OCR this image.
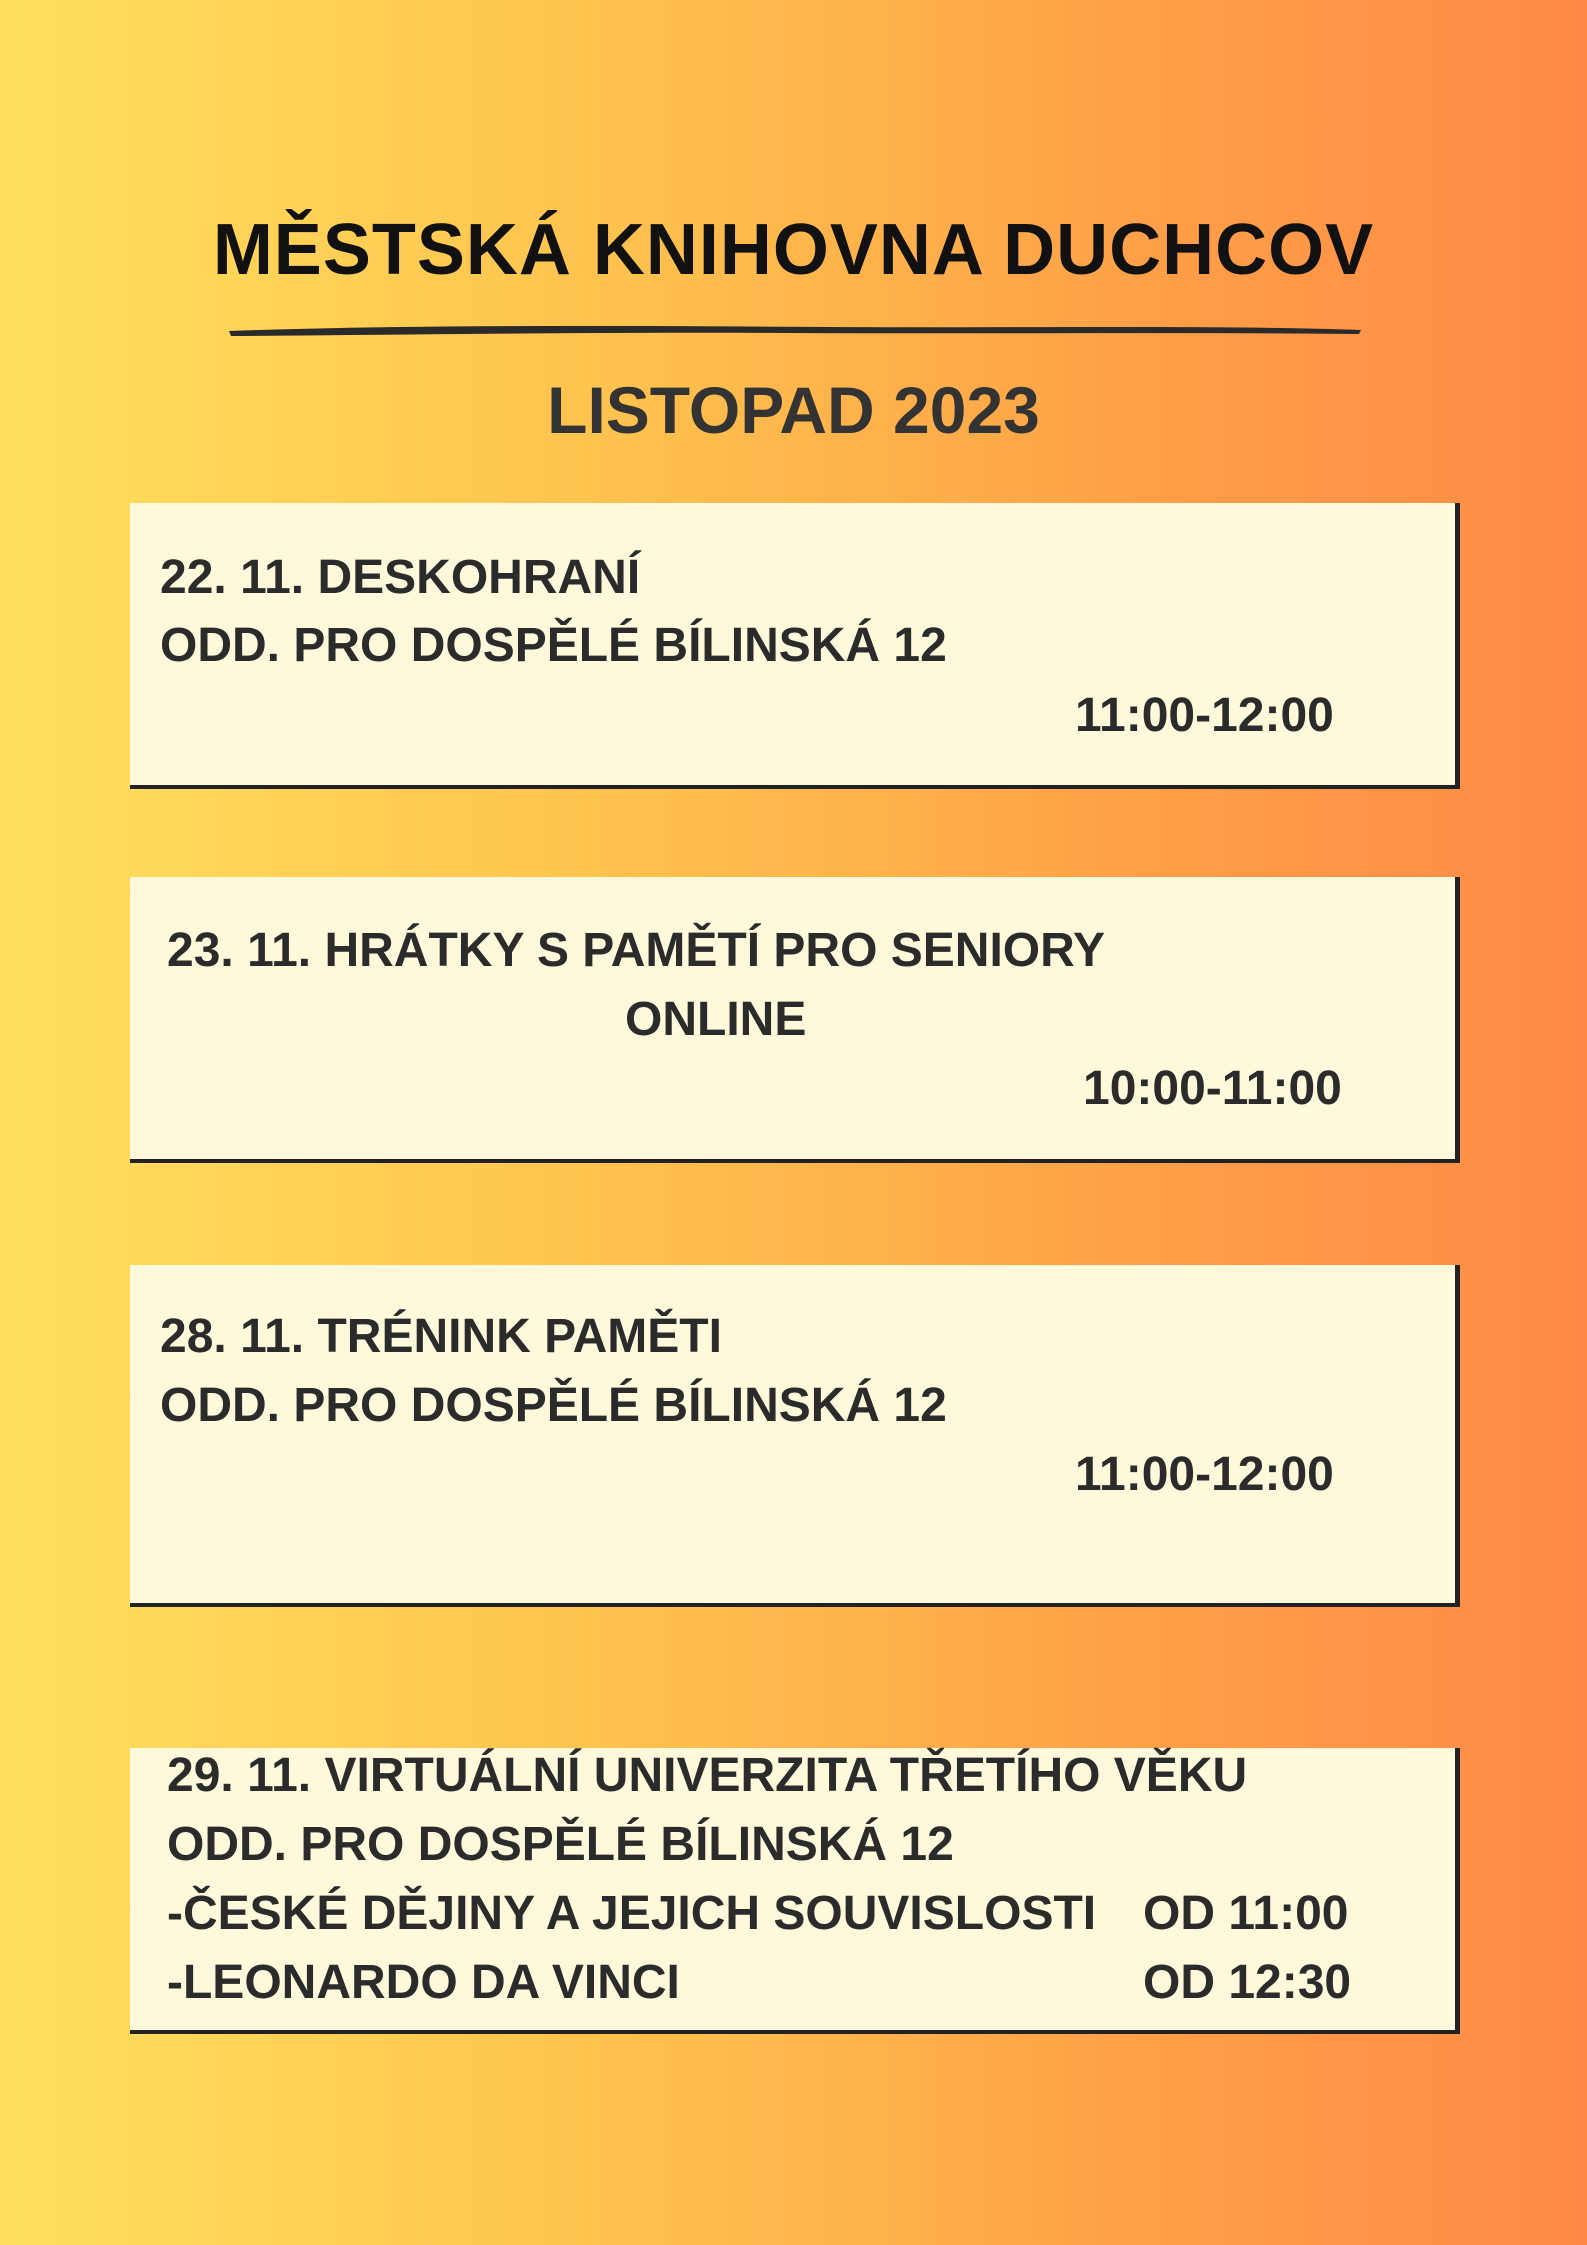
MĚSTSKÁ KNIHOVNA DUCHCOV
LISTOPAD 2023
22. 11. DESKOHRANÍ
ODD. PRO DOSPĚLÉ BÍLINSKÁ 12
11:00-12:00
23. 11. HRÁTKY S PAMĚTÍ PRO SENIORY
ONLINE
10:00-11:00
28. 11. TRÉNINK PAMĚTI
ODD. PRO DOSPĚLÉ BÍLINSKÁ 12
11:00-12:00
29. 11. VIRTUÁLNÍ UNIVERZITA TŘETÍHO VĚKU
ODD. PRO DOSPĚLÉ BÍLINSKÁ 12
-ČESKÉ DĚJINY A JEJICH SOUVISLOSTI OD 11:00
-LEONARDO DA VINCI	OD 12:30
